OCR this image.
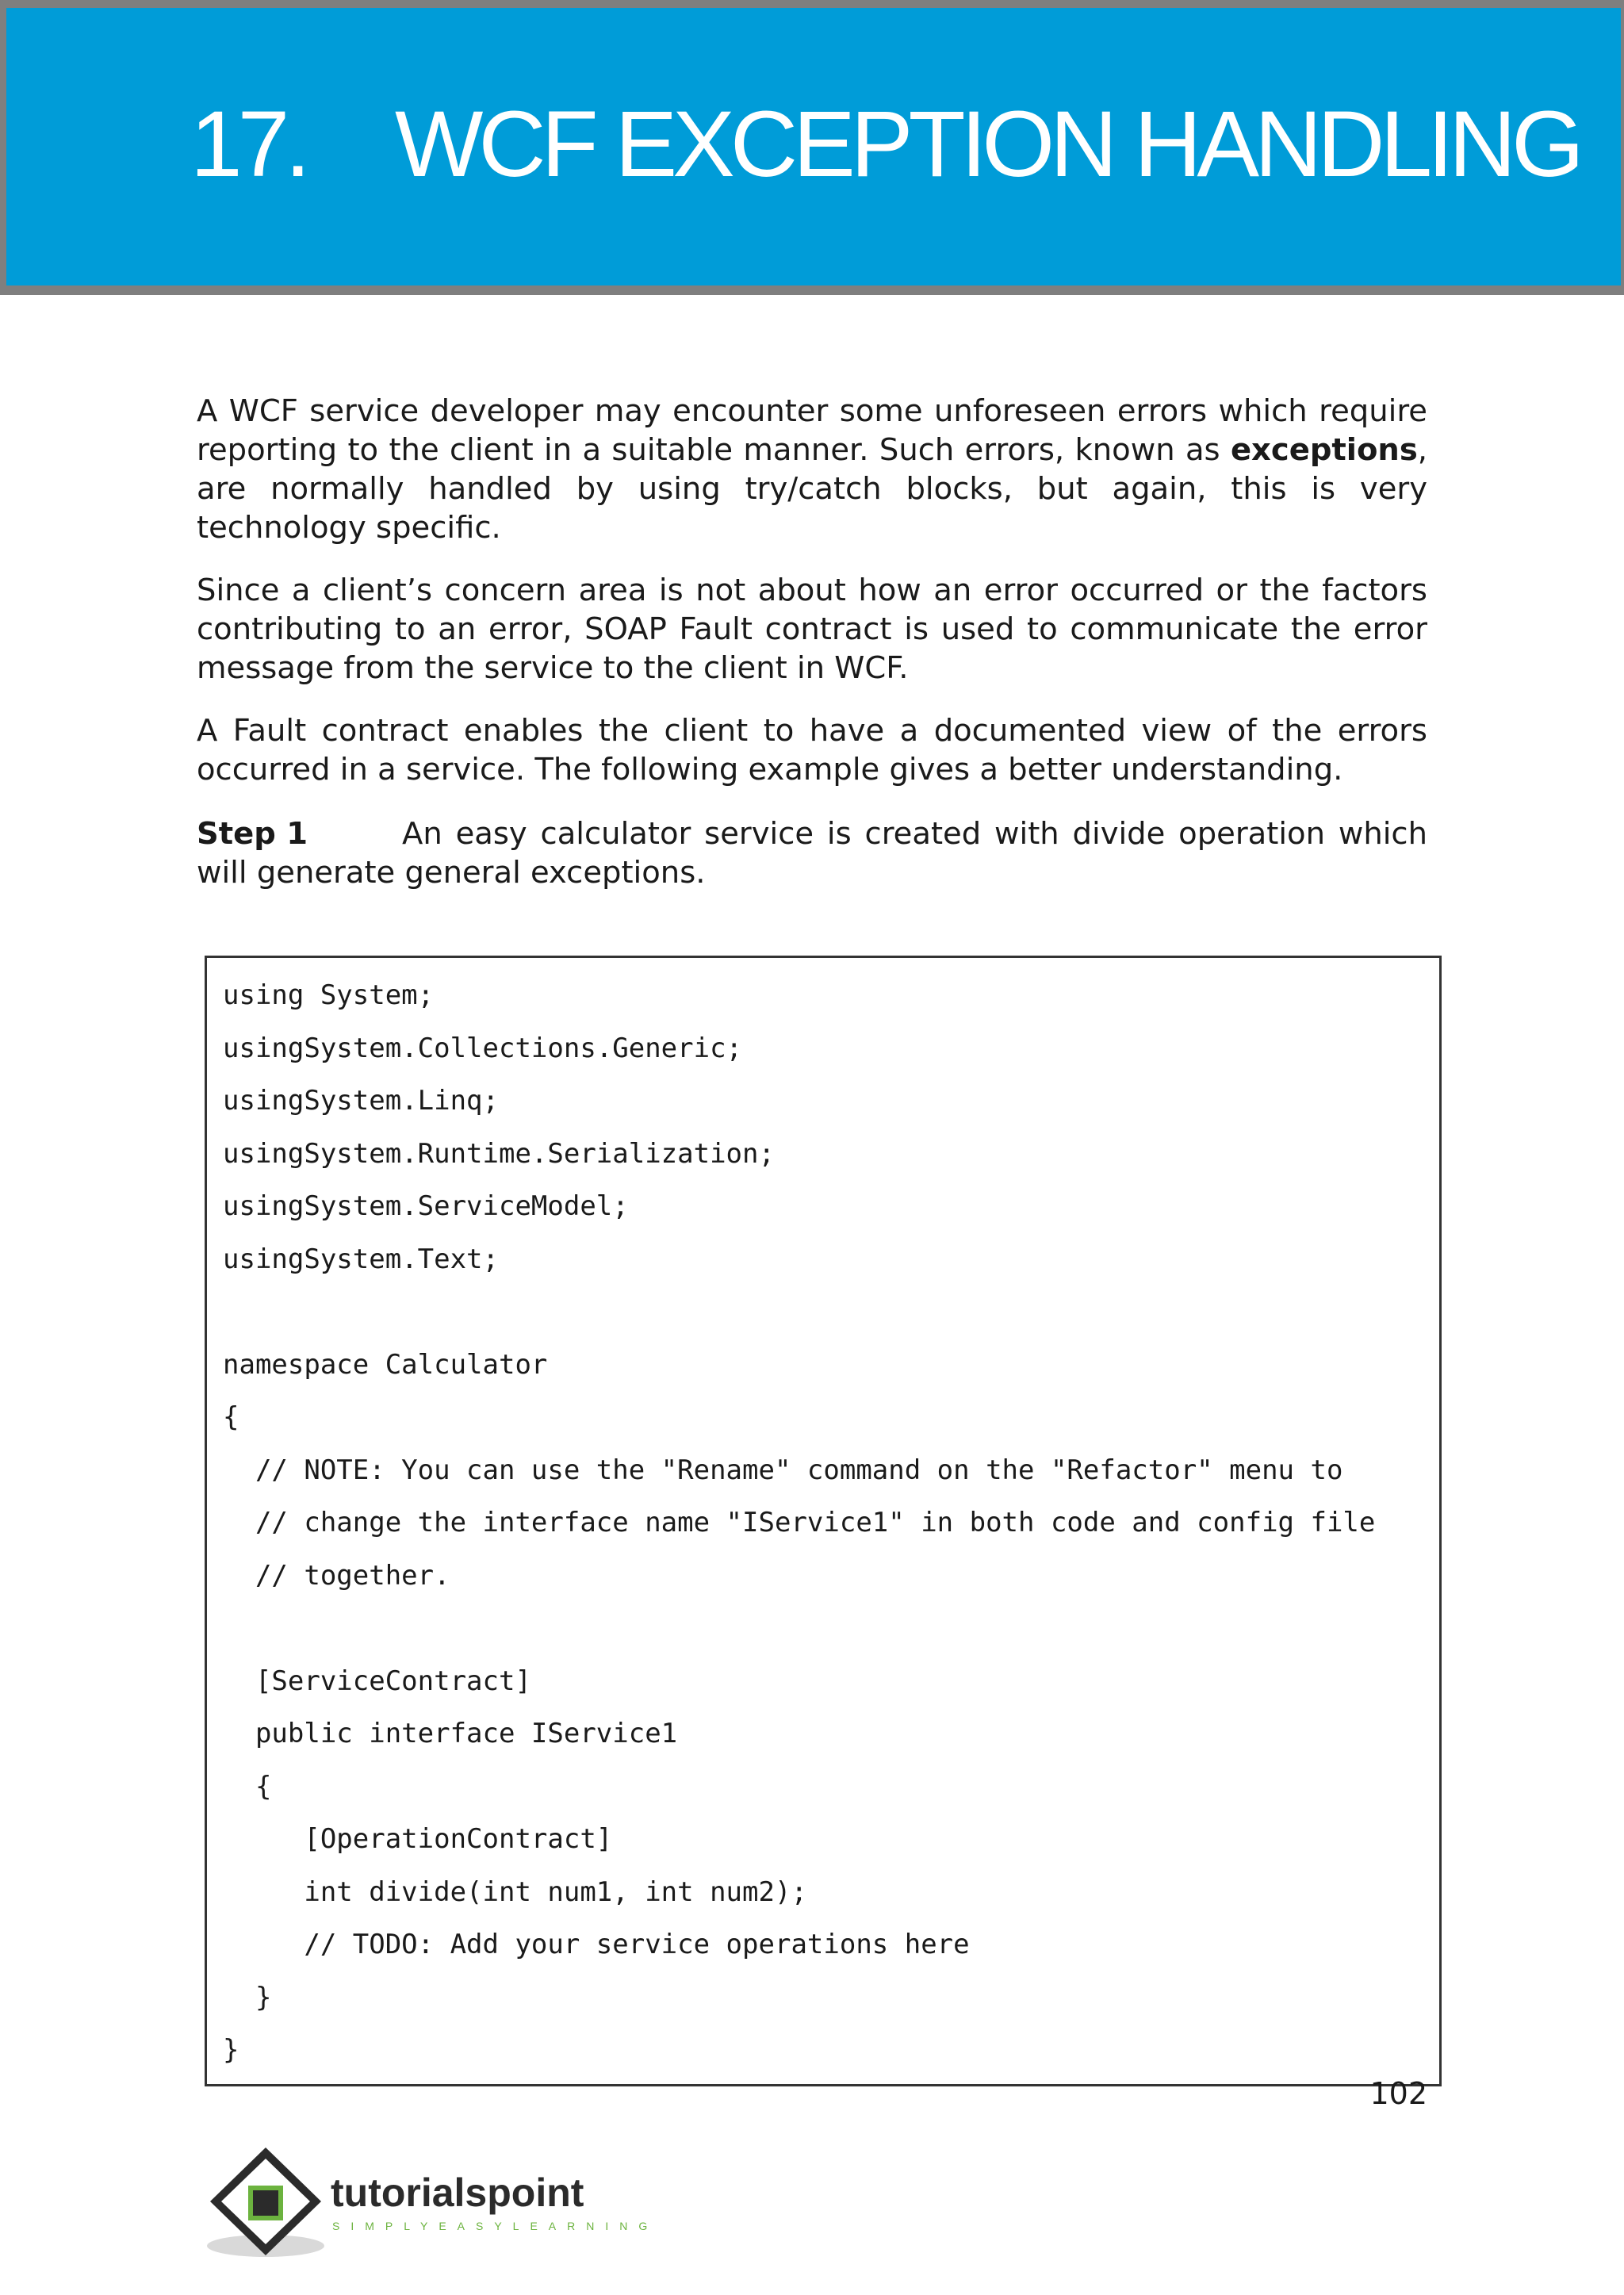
17. WCF EXCEPTION HANDLING

A WCF service developer may encounter some unforeseen errors which require reporting to the client in a suitable manner. Such errors, known as exceptions, are normally handled by using try/catch blocks, but again, this is very technology specific.

Since a client’s concern area is not about how an error occurred or the factors contributing to an error, SOAP Fault contract is used to communicate the error message from the service to the client in WCF.

A Fault contract enables the client to have a documented view of the errors occurred in a service. The following example gives a better understanding.

Step 1	An easy calculator service is created with divide operation which will generate general exceptions.

using System;
usingSystem.Collections.Generic;
usingSystem.Linq;
usingSystem.Runtime.Serialization;
usingSystem.ServiceModel;
usingSystem.Text;
namespace Calculator
{
// NOTE: You can use the "Rename" command on the "Refactor" menu to
// change the interface name "IService1" in both code and config file
// together.
[ServiceContract]
public interface IService1
{
[OperationContract]
int divide(int num1, int num2);
// TODO: Add your service operations here
}
}
102
tutorialspoint
SIMPLYEASYLEARNING
